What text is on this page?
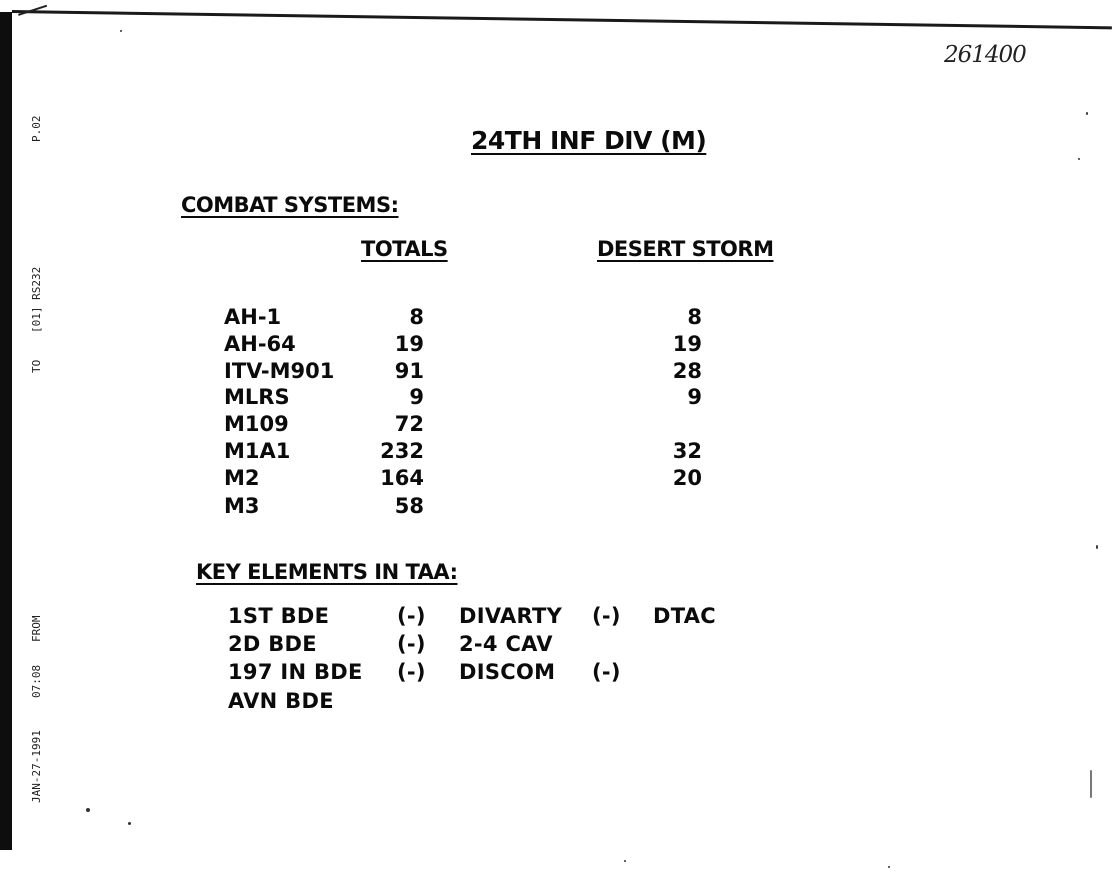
P.02
TO
[01] RS232
FROM
07:08
JAN-27-1991
261400
24TH INF DIV (M)
COMBAT SYSTEMS:
TOTALS	DESERT STORM
AH-1	8	8
AH-64	19	19
ITV-M901	91	28
MLRS	9	9
M109	72
M1A1	232	32
M2	164	20
M3	58
KEY ELEMENTS IN TAA:
1ST BDE	(-) DIVARTY (-) DTAC
2D BDE	(-) 2-4 CAV
197 IN BDE (-) DISCOM (-)
AVN BDE
